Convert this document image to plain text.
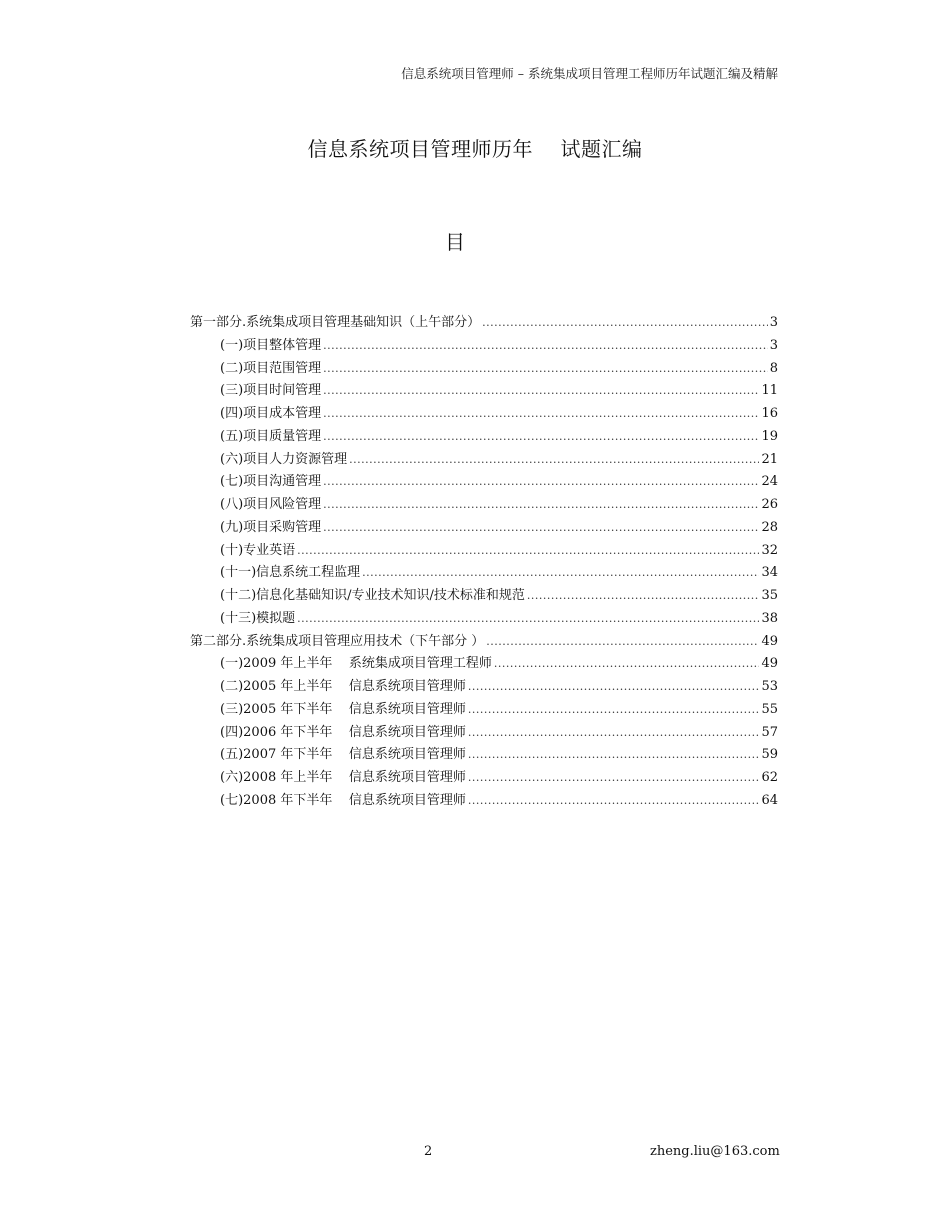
信息系统项目管理师 – 系统集成项目管理工程师历年试题汇编及精解
信息系统项目管理师历年    试题汇编
目
第一部分. 系统集成项目管理基础知识（上午部分） .....	3
(一) 项目整体管理 .....	3
(二) 项目范围管理 .....	8
(三) 项目时间管理 .....	11
(四) 项目成本管理 .....	16
(五) 项目质量管理 .....	19
(六) 项目人力资源管理 .....	21
(七) 项目沟通管理 .....	24
(八) 项目风险管理 .....	26
(九) 项目采购管理 .....	28
(十) 专业英语 .....	32
(十一) 信息系统工程监理 .....	34
(十二) 信息化基础知识/专业技术知识/技术标准和规范 .....	35
(十三) 模拟题 .....	38
第二部分. 系统集成项目管理应用技术（下午部分 ） .....	49
(一) 2009 年上半年    系统集成项目管理工程师 .....	49
(二) 2005 年上半年    信息系统项目管理师 .....	53
(三) 2005 年下半年    信息系统项目管理师 .....	55
(四) 2006 年下半年    信息系统项目管理师 .....	57
(五) 2007 年下半年    信息系统项目管理师 .....	59
(六) 2008 年上半年    信息系统项目管理师 .....	62
(七) 2008 年下半年    信息系统项目管理师 .....	64
2	zheng.liu@163.com
